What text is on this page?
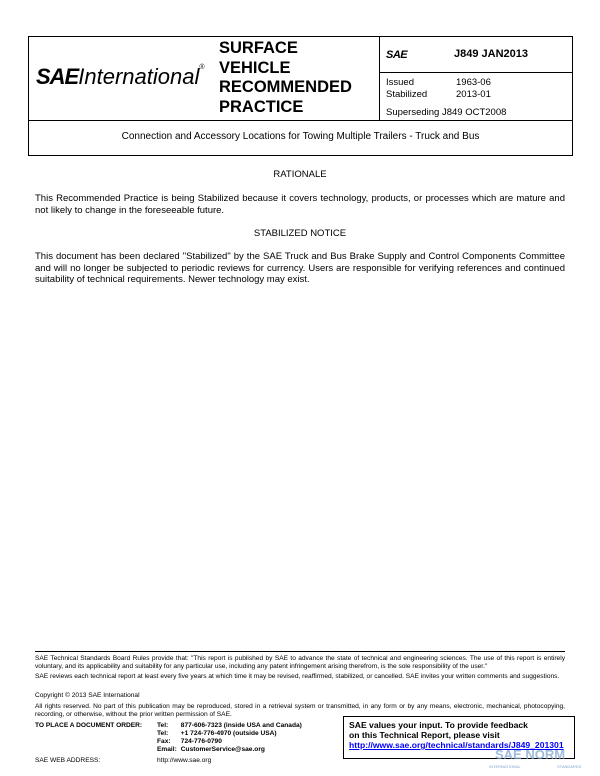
SAEInternational®
SURFACE
VEHICLE
RECOMMENDED
PRACTICE
SAE	J849 JAN2013
Issued	1963-06
Stabilized	2013-01
Superseding J849 OCT2008
Connection and Accessory Locations for Towing Multiple Trailers - Truck and Bus
RATIONALE
This Recommended Practice is being Stabilized because it covers technology, products, or processes which are mature and not likely to change in the foreseeable future.
STABILIZED NOTICE
This document has been declared "Stabilized" by the SAE Truck and Bus Brake Supply and Control Components Committee and will no longer be subjected to periodic reviews for currency. Users are responsible for verifying references and continued suitability of technical requirements. Newer technology may exist.
SAE Technical Standards Board Rules provide that: "This report is published by SAE to advance the state of technical and engineering sciences. The use of this report is entirely voluntary, and its applicability and suitability for any particular use, including any patent infringement arising therefrom, is the sole responsibility of the user."
SAE reviews each technical report at least every five years at which time it may be revised, reaffirmed, stabilized, or cancelled. SAE invites your written comments and suggestions.
Copyright © 2013 SAE International
All rights reserved. No part of this publication may be reproduced, stored in a retrieval system or transmitted, in any form or by any means, electronic, mechanical, photocopying, recording, or otherwise, without the prior written permission of SAE.
TO PLACE A DOCUMENT ORDER:	Tel:	877-606-7323 (inside USA and Canada)
	Tel:	+1 724-776-4970 (outside USA)
	Fax:	724-776-0790
	Email:	CustomerService@sae.org
SAE WEB ADDRESS:	http://www.sae.org	
SAE values your input. To provide feedback
on this Technical Report, please visit
http://www.sae.org/technical/standards/J849_201301
SAE NORM
INTERNATIONAL	STANDARDS
